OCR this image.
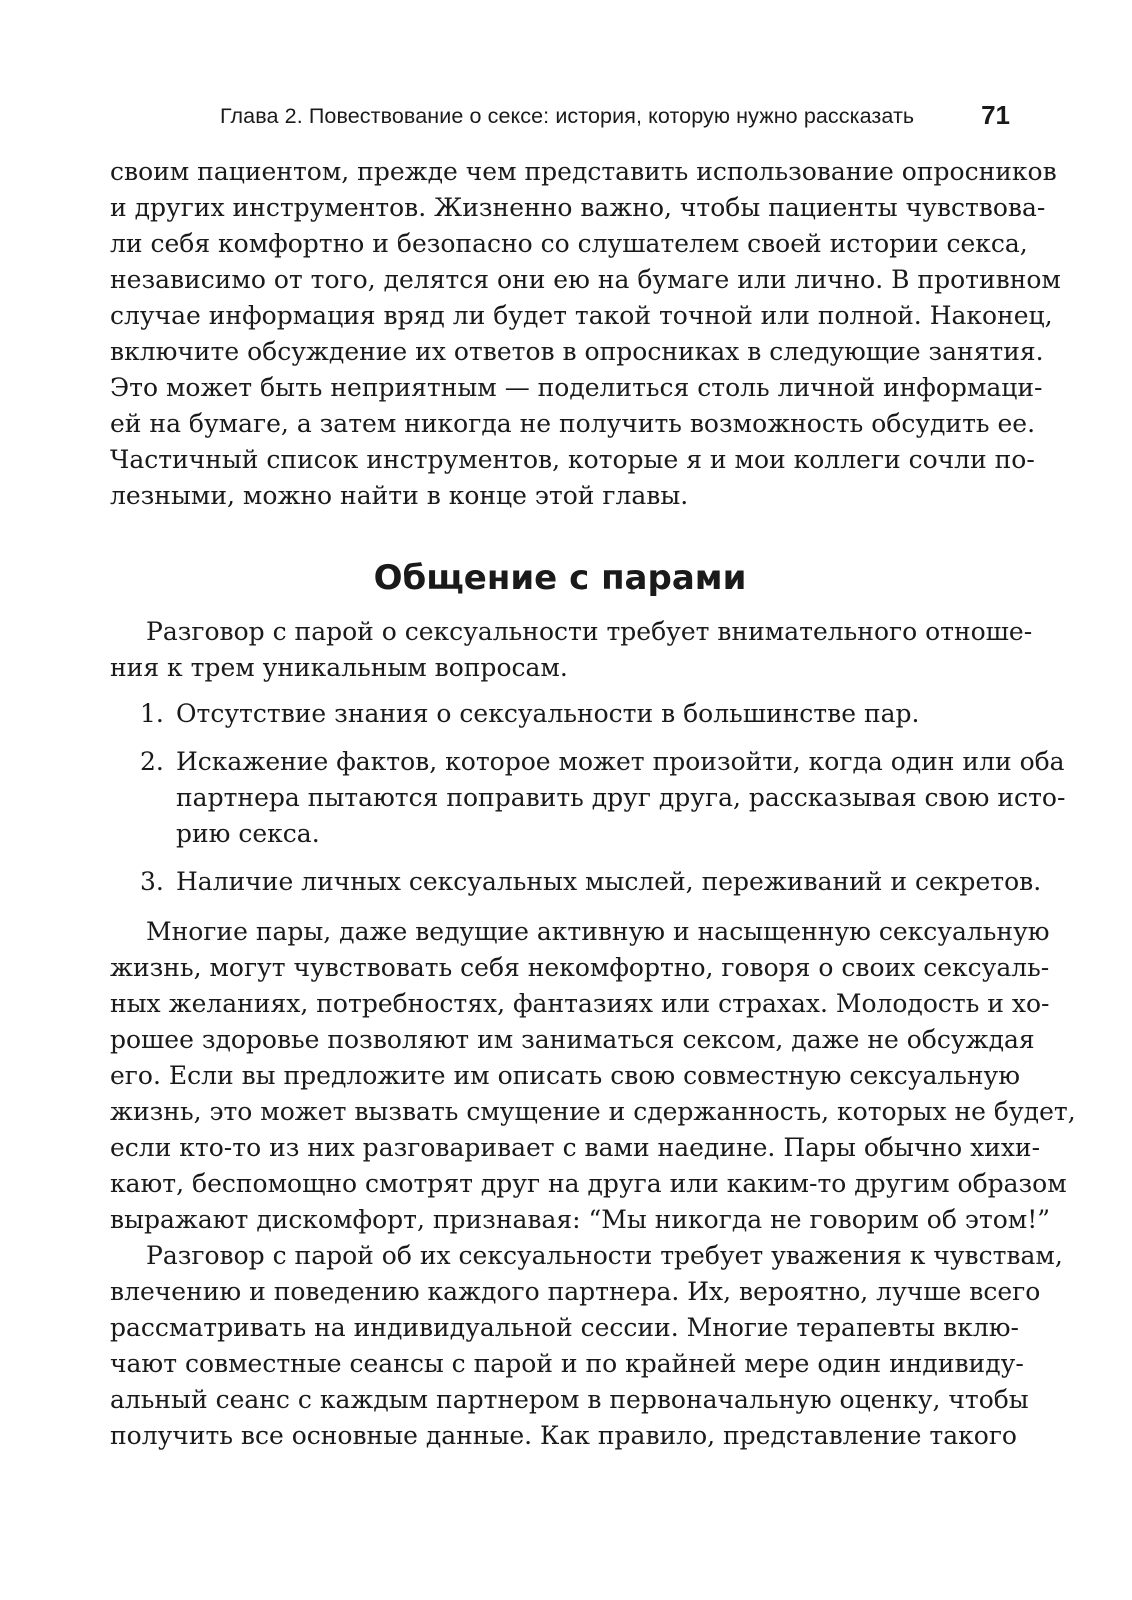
Глава 2. Повествование о сексе: история, которую нужно рассказать	71
своим пациентом, прежде чем представить использование опросников
и других инструментов. Жизненно важно, чтобы пациенты чувствова-
ли себя комфортно и безопасно со слушателем своей истории секса,
независимо от того, делятся они ею на бумаге или лично. В противном
случае информация вряд ли будет такой точной или полной. Наконец,
включите обсуждение их ответов в опросниках в следующие занятия.
Это может быть неприятным — поделиться столь личной информаци-
ей на бумаге, а затем никогда не получить возможность обсудить ее.
Частичный список инструментов, которые я и мои коллеги сочли по-
лезными, можно найти в конце этой главы.
Общение с парами
Разговор с парой о сексуальности требует внимательного отноше-
ния к трем уникальным вопросам.
1. Отсутствие знания о сексуальности в большинстве пар.
2. Искажение фактов, которое может произойти, когда один или оба
партнера пытаются поправить друг друга, рассказывая свою исто-
рию секса.
3. Наличие личных сексуальных мыслей, переживаний и секретов.
Многие пары, даже ведущие активную и насыщенную сексуальную
жизнь, могут чувствовать себя некомфортно, говоря о своих сексуаль-
ных желаниях, потребностях, фантазиях или страхах. Молодость и хо-
рошее здоровье позволяют им заниматься сексом, даже не обсуждая
его. Если вы предложите им описать свою совместную сексуальную
жизнь, это может вызвать смущение и сдержанность, которых не будет,
если кто-то из них разговаривает с вами наедине. Пары обычно хихи-
кают, беспомощно смотрят друг на друга или каким-то другим образом
выражают дискомфорт, признавая: “Мы никогда не говорим об этом!”
Разговор с парой об их сексуальности требует уважения к чувствам,
влечению и поведению каждого партнера. Их, вероятно, лучше всего
рассматривать на индивидуальной сессии. Многие терапевты вклю-
чают совместные сеансы с парой и по крайней мере один индивиду-
альный сеанс с каждым партнером в первоначальную оценку, чтобы
получить все основные данные. Как правило, представление такого
